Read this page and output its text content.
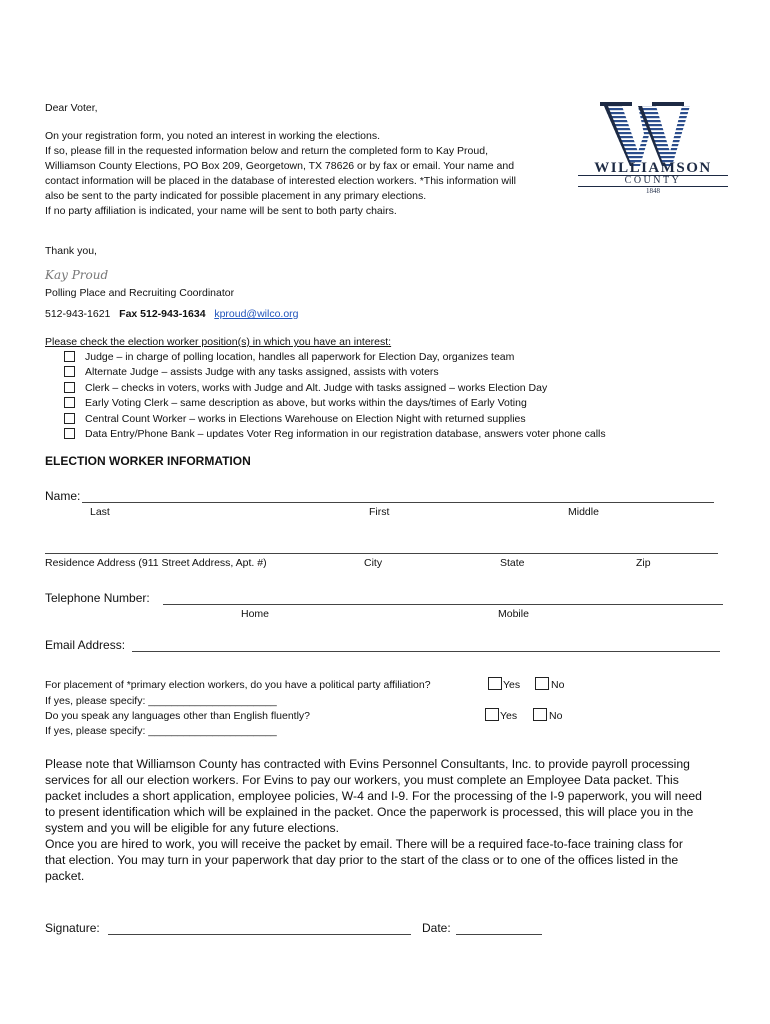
Dear Voter,
On your registration form, you noted an interest in working the elections.
If so, please fill in the requested information below and return the completed form to Kay Proud,
Williamson County Elections, PO Box 209, Georgetown, TX 78626 or by fax or email. Your name and
contact information will be placed in the database of interested election workers. *This information will
also be sent to the party indicated for possible placement in any primary elections.
If no party affiliation is indicated, your name will be sent to both party chairs.
WILLIAMSON
COUNTY
1848
Thank you,
Kay Proud
Polling Place and Recruiting Coordinator
512-943-1621 Fax 512-943-1634 kproud@wilco.org
Please check the election worker position(s) in which you have an interest:
Judge – in charge of polling location, handles all paperwork for Election Day, organizes team
Alternate Judge – assists Judge with any tasks assigned, assists with voters
Clerk – checks in voters, works with Judge and Alt. Judge with tasks assigned – works Election Day
Early Voting Clerk – same description as above, but works within the days/times of Early Voting
Central Count Worker – works in Elections Warehouse on Election Night with returned supplies
Data Entry/Phone Bank – updates Voter Reg information in our registration database, answers voter phone calls
ELECTION WORKER INFORMATION
Name:
Last	First	Middle
Residence Address (911 Street Address, Apt. #)	City	State	Zip
Telephone Number:
Home	Mobile
Email Address:
For placement of *primary election workers, do you have a political party affiliation?	Yes	No
If yes, please specify: ______________________
Do you speak any languages other than English fluently?	Yes	No
If yes, please specify: ______________________
Please note that Williamson County has contracted with Evins Personnel Consultants, Inc. to provide payroll processing
services for all our election workers. For Evins to pay our workers, you must complete an Employee Data packet. This
packet includes a short application, employee policies, W-4 and I-9. For the processing of the I-9 paperwork, you will need
to present identification which will be explained in the packet. Once the paperwork is processed, this will place you in the
system and you will be eligible for any future elections.
Once you are hired to work, you will receive the packet by email. There will be a required face-to-face training class for
that election. You may turn in your paperwork that day prior to the start of the class or to one of the offices listed in the
packet.
Signature:	Date:
